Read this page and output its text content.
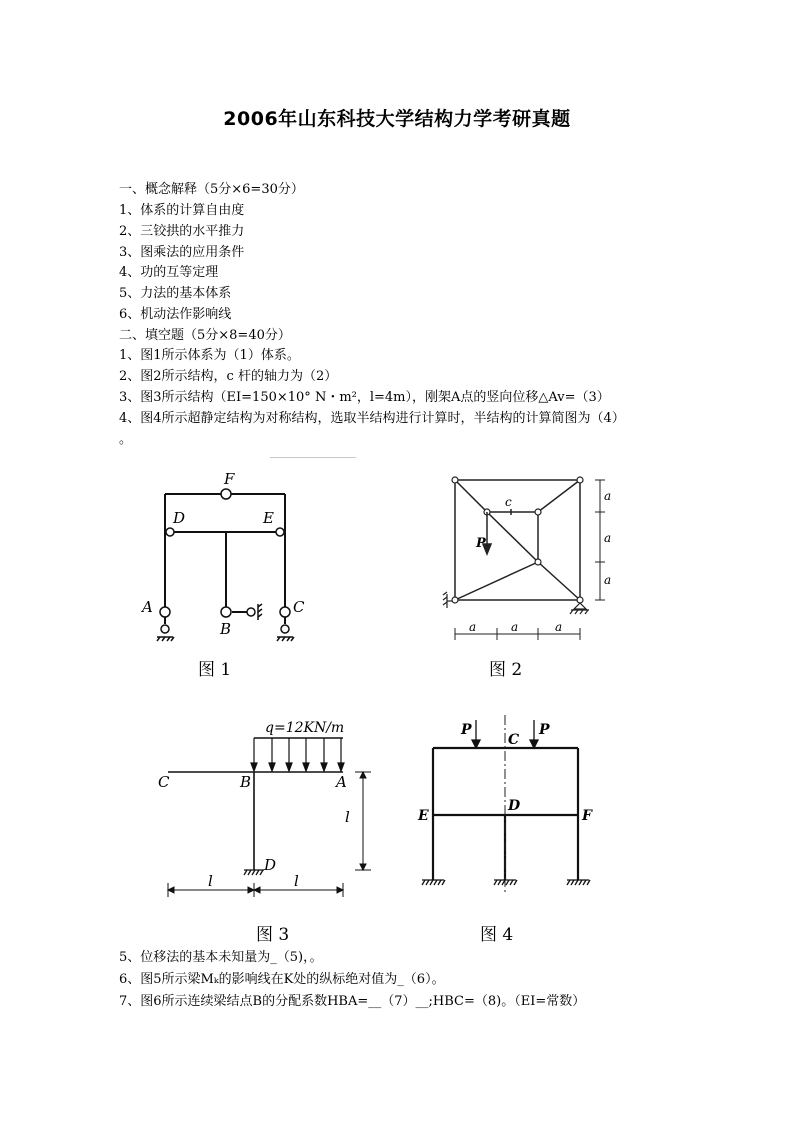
2006年山东科技大学结构力学考研真题
一、概念解释（5分×6=30分）
1、体系的计算自由度
2、三铰拱的水平推力
3、图乘法的应用条件
4、功的互等定理
5、力法的基本体系
6、机动法作影响线
二、填空题（5分×8=40分）
1、图1所示体系为（1）体系。
2、图2所示结构，c 杆的轴力为（2）
3、图3所示结构（EI=150×10° N・m²，l=4m），刚架A点的竖向位移△Av=（3）
4、图4所示超静定结构为对称结构，选取半结构进行计算时，半结构的计算简图为（4）
。
F
D	E
A
B
C
图 1
c
P
a
a
a
a	a	a
图 2
q=12KN/m
C	B	A
D
l
l	l
图 3
P	P
C
D
E	F
图 4
5、位移法的基本未知量为_（5)，。
6、图5所示梁Mₖ的影响线在K处的纵标绝对值为_（6）。
7、图6所示连续梁结点B的分配系数HBA=__（7）__;HBC=（8)。（EI=常数）
